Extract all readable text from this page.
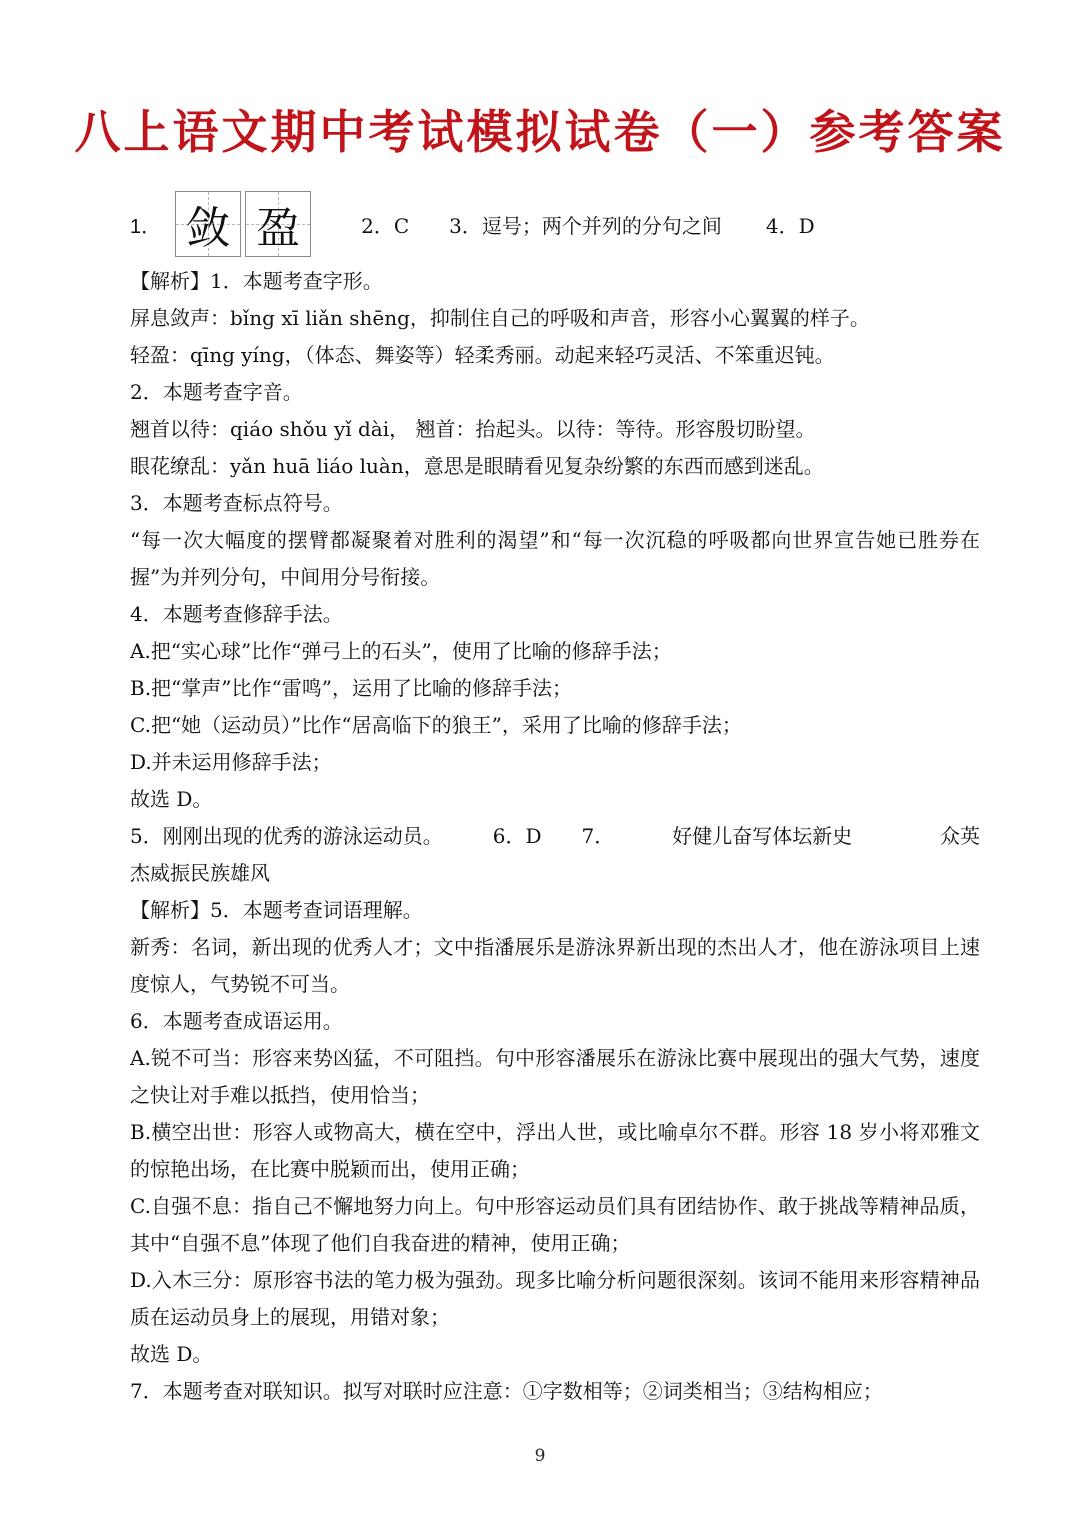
八上语文期中考试模拟试卷（一）参考答案
1． 敛 盈	2．C 3．逗号；两个并列的分句之间 4．D

【解析】1．本题考查字形。

屏息敛声：bǐng xī liǎn shēng，抑制住自己的呼吸和声音，形容小心翼翼的样子。

轻盈：qīng yíng，（体态、舞姿等）轻柔秀丽。动起来轻巧灵活、不笨重迟钝。

2．本题考查字音。

翘首以待：qiáo shǒu yǐ dài， 翘首：抬起头。以待：等待。形容殷切盼望。

眼花缭乱：yǎn huā liáo luàn，意思是眼睛看见复杂纷繁的东西而感到迷乱。

3．本题考查标点符号。

“每一次大幅度的摆臂都凝聚着对胜利的渴望”和“每一次沉稳的呼吸都向世界宣告她已胜券在握”为并列分句，中间用分号衔接。

4．本题考查修辞手法。

A.把“实心球”比作“弹弓上的石头”，使用了比喻的修辞手法；

B.把“掌声”比作“雷鸣”，运用了比喻的修辞手法；

C.把“她（运动员）”比作“居高临下的狼王”，采用了比喻的修辞手法；

D.并未运用修辞手法；

故选 D。

5．刚刚出现的优秀的游泳运动员。	6．D 7．	好健儿奋写体坛新史	众英

杰威振民族雄风

【解析】5．本题考查词语理解。

新秀：名词，新出现的优秀人才；文中指潘展乐是游泳界新出现的杰出人才，他在游泳项目上速度惊人，气势锐不可当。

6．本题考查成语运用。

A.锐不可当：形容来势凶猛，不可阻挡。句中形容潘展乐在游泳比赛中展现出的强大气势，速度之快让对手难以抵挡，使用恰当；

B.横空出世：形容人或物高大，横在空中，浮出人世，或比喻卓尔不群。形容 18 岁小将邓雅文的惊艳出场，在比赛中脱颖而出，使用正确；

C.自强不息：指自己不懈地努力向上。句中形容运动员们具有团结协作、敢于挑战等精神品质，其中“自强不息”体现了他们自我奋进的精神，使用正确；

D.入木三分：原形容书法的笔力极为强劲。现多比喻分析问题很深刻。该词不能用来形容精神品质在运动员身上的展现，用错对象；

故选 D。

7．本题考查对联知识。拟写对联时应注意：①字数相等；②词类相当；③结构相应；

9
